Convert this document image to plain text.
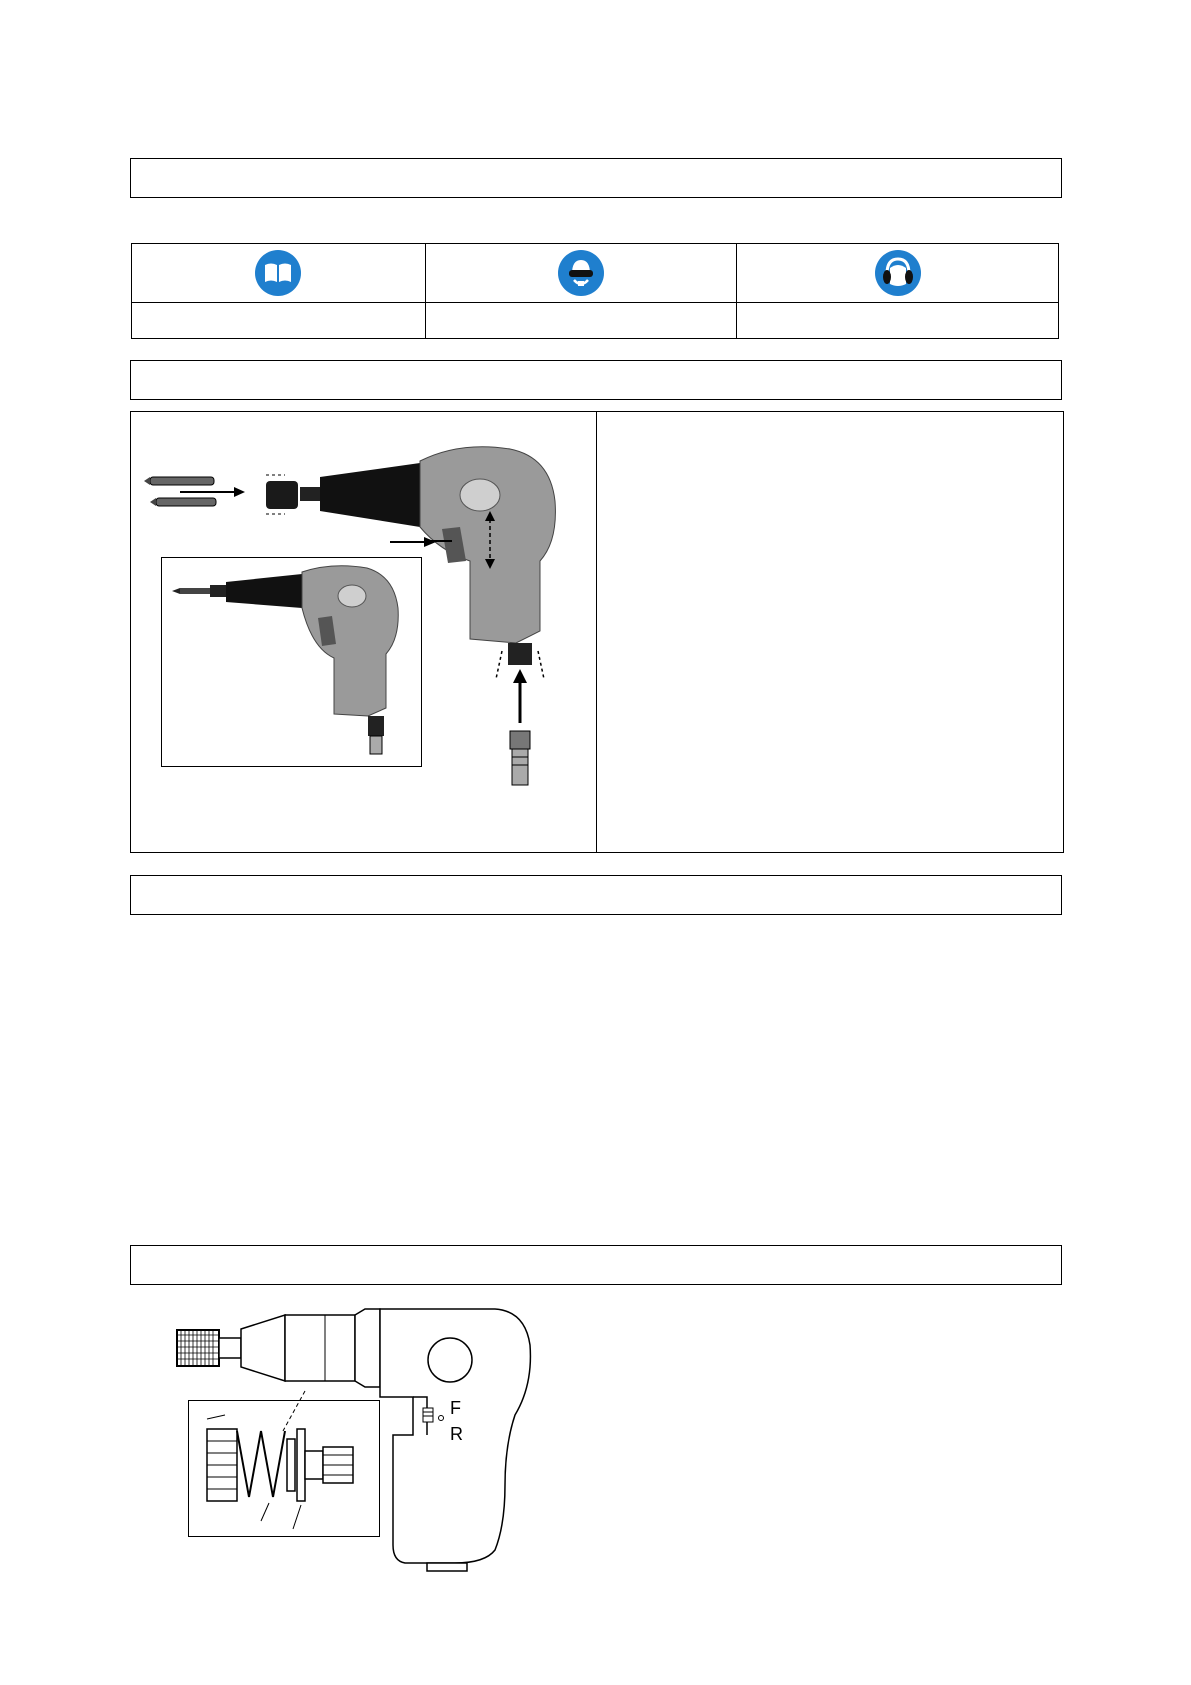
F
R
